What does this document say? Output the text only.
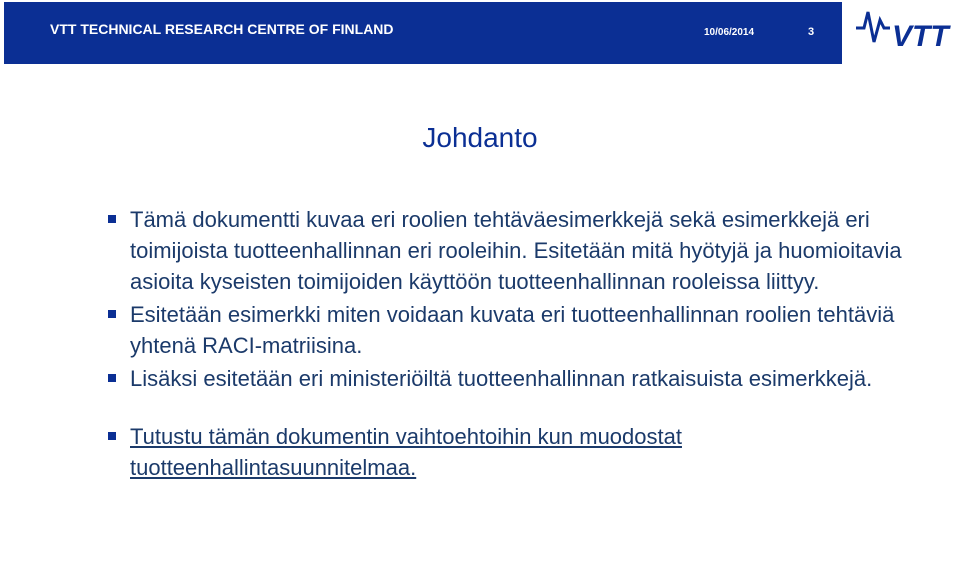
VTT TECHNICAL RESEARCH CENTRE OF FINLAND	10/06/2014	3	VTT
Johdanto
Tämä dokumentti kuvaa eri roolien tehtäväesimerkkejä sekä esimerkkejä eri toimijoista tuotteenhallinnan eri rooleihin. Esitetään mitä hyötyjä ja huomioitavia asioita kyseisten toimijoiden käyttöön tuotteenhallinnan rooleissa liittyy.
Esitetään esimerkki miten voidaan kuvata eri tuotteenhallinnan roolien tehtäviä yhtenä RACI-matriisina.
Lisäksi esitetään eri ministeriöiltä tuotteenhallinnan ratkaisuista esimerkkejä.
Tutustu tämän dokumentin vaihtoehtoihin kun muodostat tuotteenhallintasuunnitelmaa.
